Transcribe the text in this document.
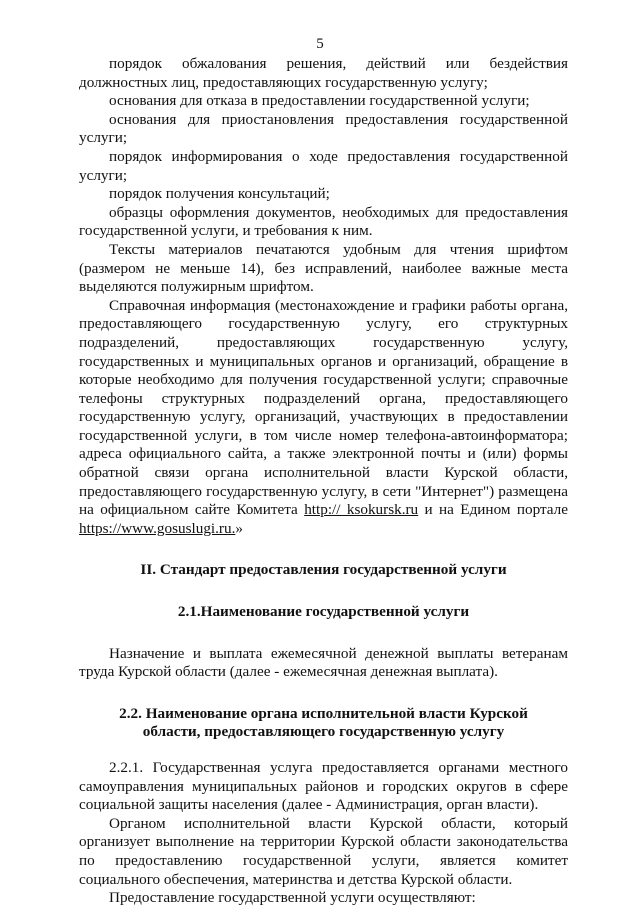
5

порядок обжалования решения, действий или бездействия должностных лиц, предоставляющих государственную услугу;

основания для отказа в предоставлении государственной услуги;

основания для приостановления предоставления государственной услуги;

порядок информирования о ходе предоставления государственной услуги;

порядок получения консультаций;

образцы оформления документов, необходимых для предоставления государственной услуги, и требования к ним.

Тексты материалов печатаются удобным для чтения шрифтом (размером не меньше 14), без исправлений, наиболее важные места выделяются полужирным шрифтом.

Справочная информация (местонахождение и графики работы органа, предоставляющего государственную услугу, его структурных подразделений, предоставляющих государственную услугу, государственных и муниципальных органов и организаций, обращение в которые необходимо для получения государственной услуги; справочные телефоны структурных подразделений органа, предоставляющего государственную услугу, организаций, участвующих в предоставлении государственной услуги, в том числе номер телефона-автоинформатора; адреса официального сайта, а также электронной почты и (или) формы обратной связи органа исполнительной власти Курской области, предоставляющего государственную услугу, в сети "Интернет") размещена на официальном сайте Комитета http:// ksokursk.ru и на Едином портале https://www.gosuslugi.ru.»

II. Стандарт предоставления государственной услуги

2.1.Наименование государственной услуги

Назначение и выплата ежемесячной денежной выплаты ветеранам труда Курской области (далее - ежемесячная денежная выплата).

2.2. Наименование органа исполнительной власти Курской

области, предоставляющего государственную услугу

2.2.1. Государственная услуга предоставляется органами местного самоуправления муниципальных районов и городских округов в сфере социальной защиты населения (далее - Администрация, орган власти).

Органом исполнительной власти Курской области, который организует выполнение на территории Курской области законодательства по предоставлению государственной услуги, является комитет социального обеспечения, материнства и детства Курской области.

Предоставление государственной услуги осуществляют:
